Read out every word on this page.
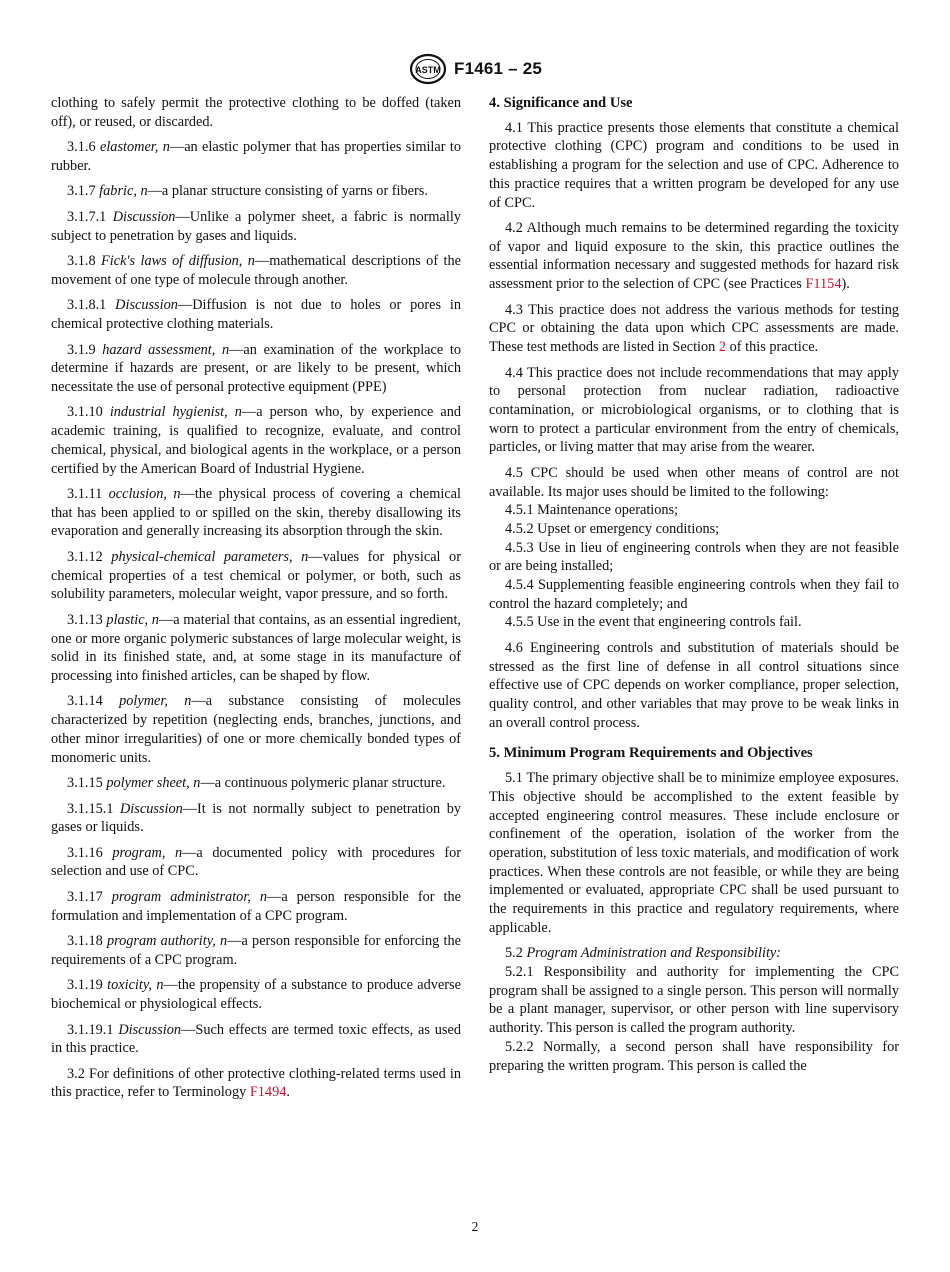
ASTM F1461 – 25

clothing to safely permit the protective clothing to be doffed (taken off), or reused, or discarded.

3.1.6 elastomer, n—an elastic polymer that has properties similar to rubber.

3.1.7 fabric, n—a planar structure consisting of yarns or fibers.

3.1.7.1 Discussion—Unlike a polymer sheet, a fabric is normally subject to penetration by gases and liquids.

3.1.8 Fick's laws of diffusion, n—mathematical descriptions of the movement of one type of molecule through another.

3.1.8.1 Discussion—Diffusion is not due to holes or pores in chemical protective clothing materials.

3.1.9 hazard assessment, n—an examination of the workplace to determine if hazards are present, or are likely to be present, which necessitate the use of personal protective equipment (PPE)

3.1.10 industrial hygienist, n—a person who, by experience and academic training, is qualified to recognize, evaluate, and control chemical, physical, and biological agents in the workplace, or a person certified by the American Board of Industrial Hygiene.

3.1.11 occlusion, n—the physical process of covering a chemical that has been applied to or spilled on the skin, thereby disallowing its evaporation and generally increasing its absorption through the skin.

3.1.12 physical-chemical parameters, n—values for physical or chemical properties of a test chemical or polymer, or both, such as solubility parameters, molecular weight, vapor pressure, and so forth.

3.1.13 plastic, n—a material that contains, as an essential ingredient, one or more organic polymeric substances of large molecular weight, is solid in its finished state, and, at some stage in its manufacture of processing into finished articles, can be shaped by flow.

3.1.14 polymer, n—a substance consisting of molecules characterized by repetition (neglecting ends, branches, junctions, and other minor irregularities) of one or more chemically bonded types of monomeric units.

3.1.15 polymer sheet, n—a continuous polymeric planar structure.

3.1.15.1 Discussion—It is not normally subject to penetration by gases or liquids.

3.1.16 program, n—a documented policy with procedures for selection and use of CPC.

3.1.17 program administrator, n—a person responsible for the formulation and implementation of a CPC program.

3.1.18 program authority, n—a person responsible for enforcing the requirements of a CPC program.

3.1.19 toxicity, n—the propensity of a substance to produce adverse biochemical or physiological effects.

3.1.19.1 Discussion—Such effects are termed toxic effects, as used in this practice.

3.2 For definitions of other protective clothing-related terms used in this practice, refer to Terminology F1494.

4. Significance and Use

4.1 This practice presents those elements that constitute a chemical protective clothing (CPC) program and conditions to be used in establishing a program for the selection and use of CPC. Adherence to this practice requires that a written program be developed for any use of CPC.

4.2 Although much remains to be determined regarding the toxicity of vapor and liquid exposure to the skin, this practice outlines the essential information necessary and suggested methods for hazard risk assessment prior to the selection of CPC (see Practices F1154).

4.3 This practice does not address the various methods for testing CPC or obtaining the data upon which CPC assessments are made. These test methods are listed in Section 2 of this practice.

4.4 This practice does not include recommendations that may apply to personal protection from nuclear radiation, radioactive contamination, or microbiological organisms, or to clothing that is worn to protect a particular environment from the entry of chemicals, particles, or living matter that may arise from the wearer.

4.5 CPC should be used when other means of control are not available. Its major uses should be limited to the following:

4.5.1 Maintenance operations;

4.5.2 Upset or emergency conditions;

4.5.3 Use in lieu of engineering controls when they are not feasible or are being installed;

4.5.4 Supplementing feasible engineering controls when they fail to control the hazard completely; and

4.5.5 Use in the event that engineering controls fail.

4.6 Engineering controls and substitution of materials should be stressed as the first line of defense in all control situations since effective use of CPC depends on worker compliance, proper selection, quality control, and other variables that may prove to be weak links in an overall control process.

5. Minimum Program Requirements and Objectives

5.1 The primary objective shall be to minimize employee exposures. This objective should be accomplished to the extent feasible by accepted engineering control measures. These include enclosure or confinement of the operation, isolation of the worker from the operation, substitution of less toxic materials, and modification of work practices. When these controls are not feasible, or while they are being implemented or evaluated, appropriate CPC shall be used pursuant to the requirements in this practice and regulatory requirements, where applicable.

5.2 Program Administration and Responsibility:

5.2.1 Responsibility and authority for implementing the CPC program shall be assigned to a single person. This person will normally be a plant manager, supervisor, or other person with line supervisory authority. This person is called the program authority.

5.2.2 Normally, a second person shall have responsibility for preparing the written program. This person is called the

2
